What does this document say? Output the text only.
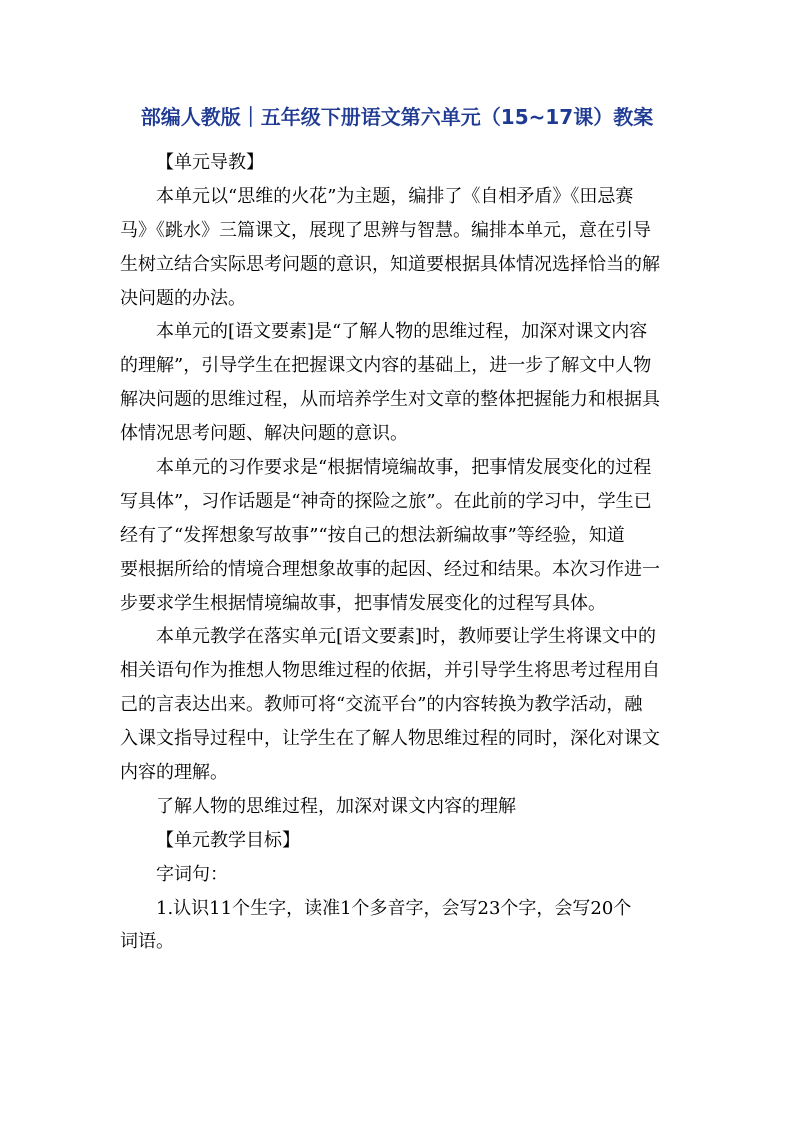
部编人教版｜五年级下册语文第六单元（15~17课）教案
【单元导教】
本单元以“思维的火花”为主题，编排了《自相矛盾》《田忌赛
马》《跳水》三篇课文，展现了思辨与智慧。编排本单元，意在引导
生树立结合实际思考问题的意识，知道要根据具体情况选择恰当的解
决问题的办法。
本单元的[语文要素]是“了解人物的思维过程，加深对课文内容
的理解”，引导学生在把握课文内容的基础上，进一步了解文中人物
解决问题的思维过程，从而培养学生对文章的整体把握能力和根据具
体情况思考问题、解决问题的意识。
本单元的习作要求是“根据情境编故事，把事情发展变化的过程
写具体”，习作话题是“神奇的探险之旅”。在此前的学习中，学生已
经有了“发挥想象写故事”“按自己的想法新编故事”等经验，知道
要根据所给的情境合理想象故事的起因、经过和结果。本次习作进一
步要求学生根据情境编故事，把事情发展变化的过程写具体。
本单元教学在落实单元[语文要素]时，教师要让学生将课文中的
相关语句作为推想人物思维过程的依据，并引导学生将思考过程用自
己的言表达出来。教师可将“交流平台”的内容转换为教学活动，融
入课文指导过程中，让学生在了解人物思维过程的同时，深化对课文
内容的理解。
了解人物的思维过程，加深对课文内容的理解
【单元教学目标】
字词句：
1.认识11个生字，读准1个多音字，会写23个字，会写20个
词语。
